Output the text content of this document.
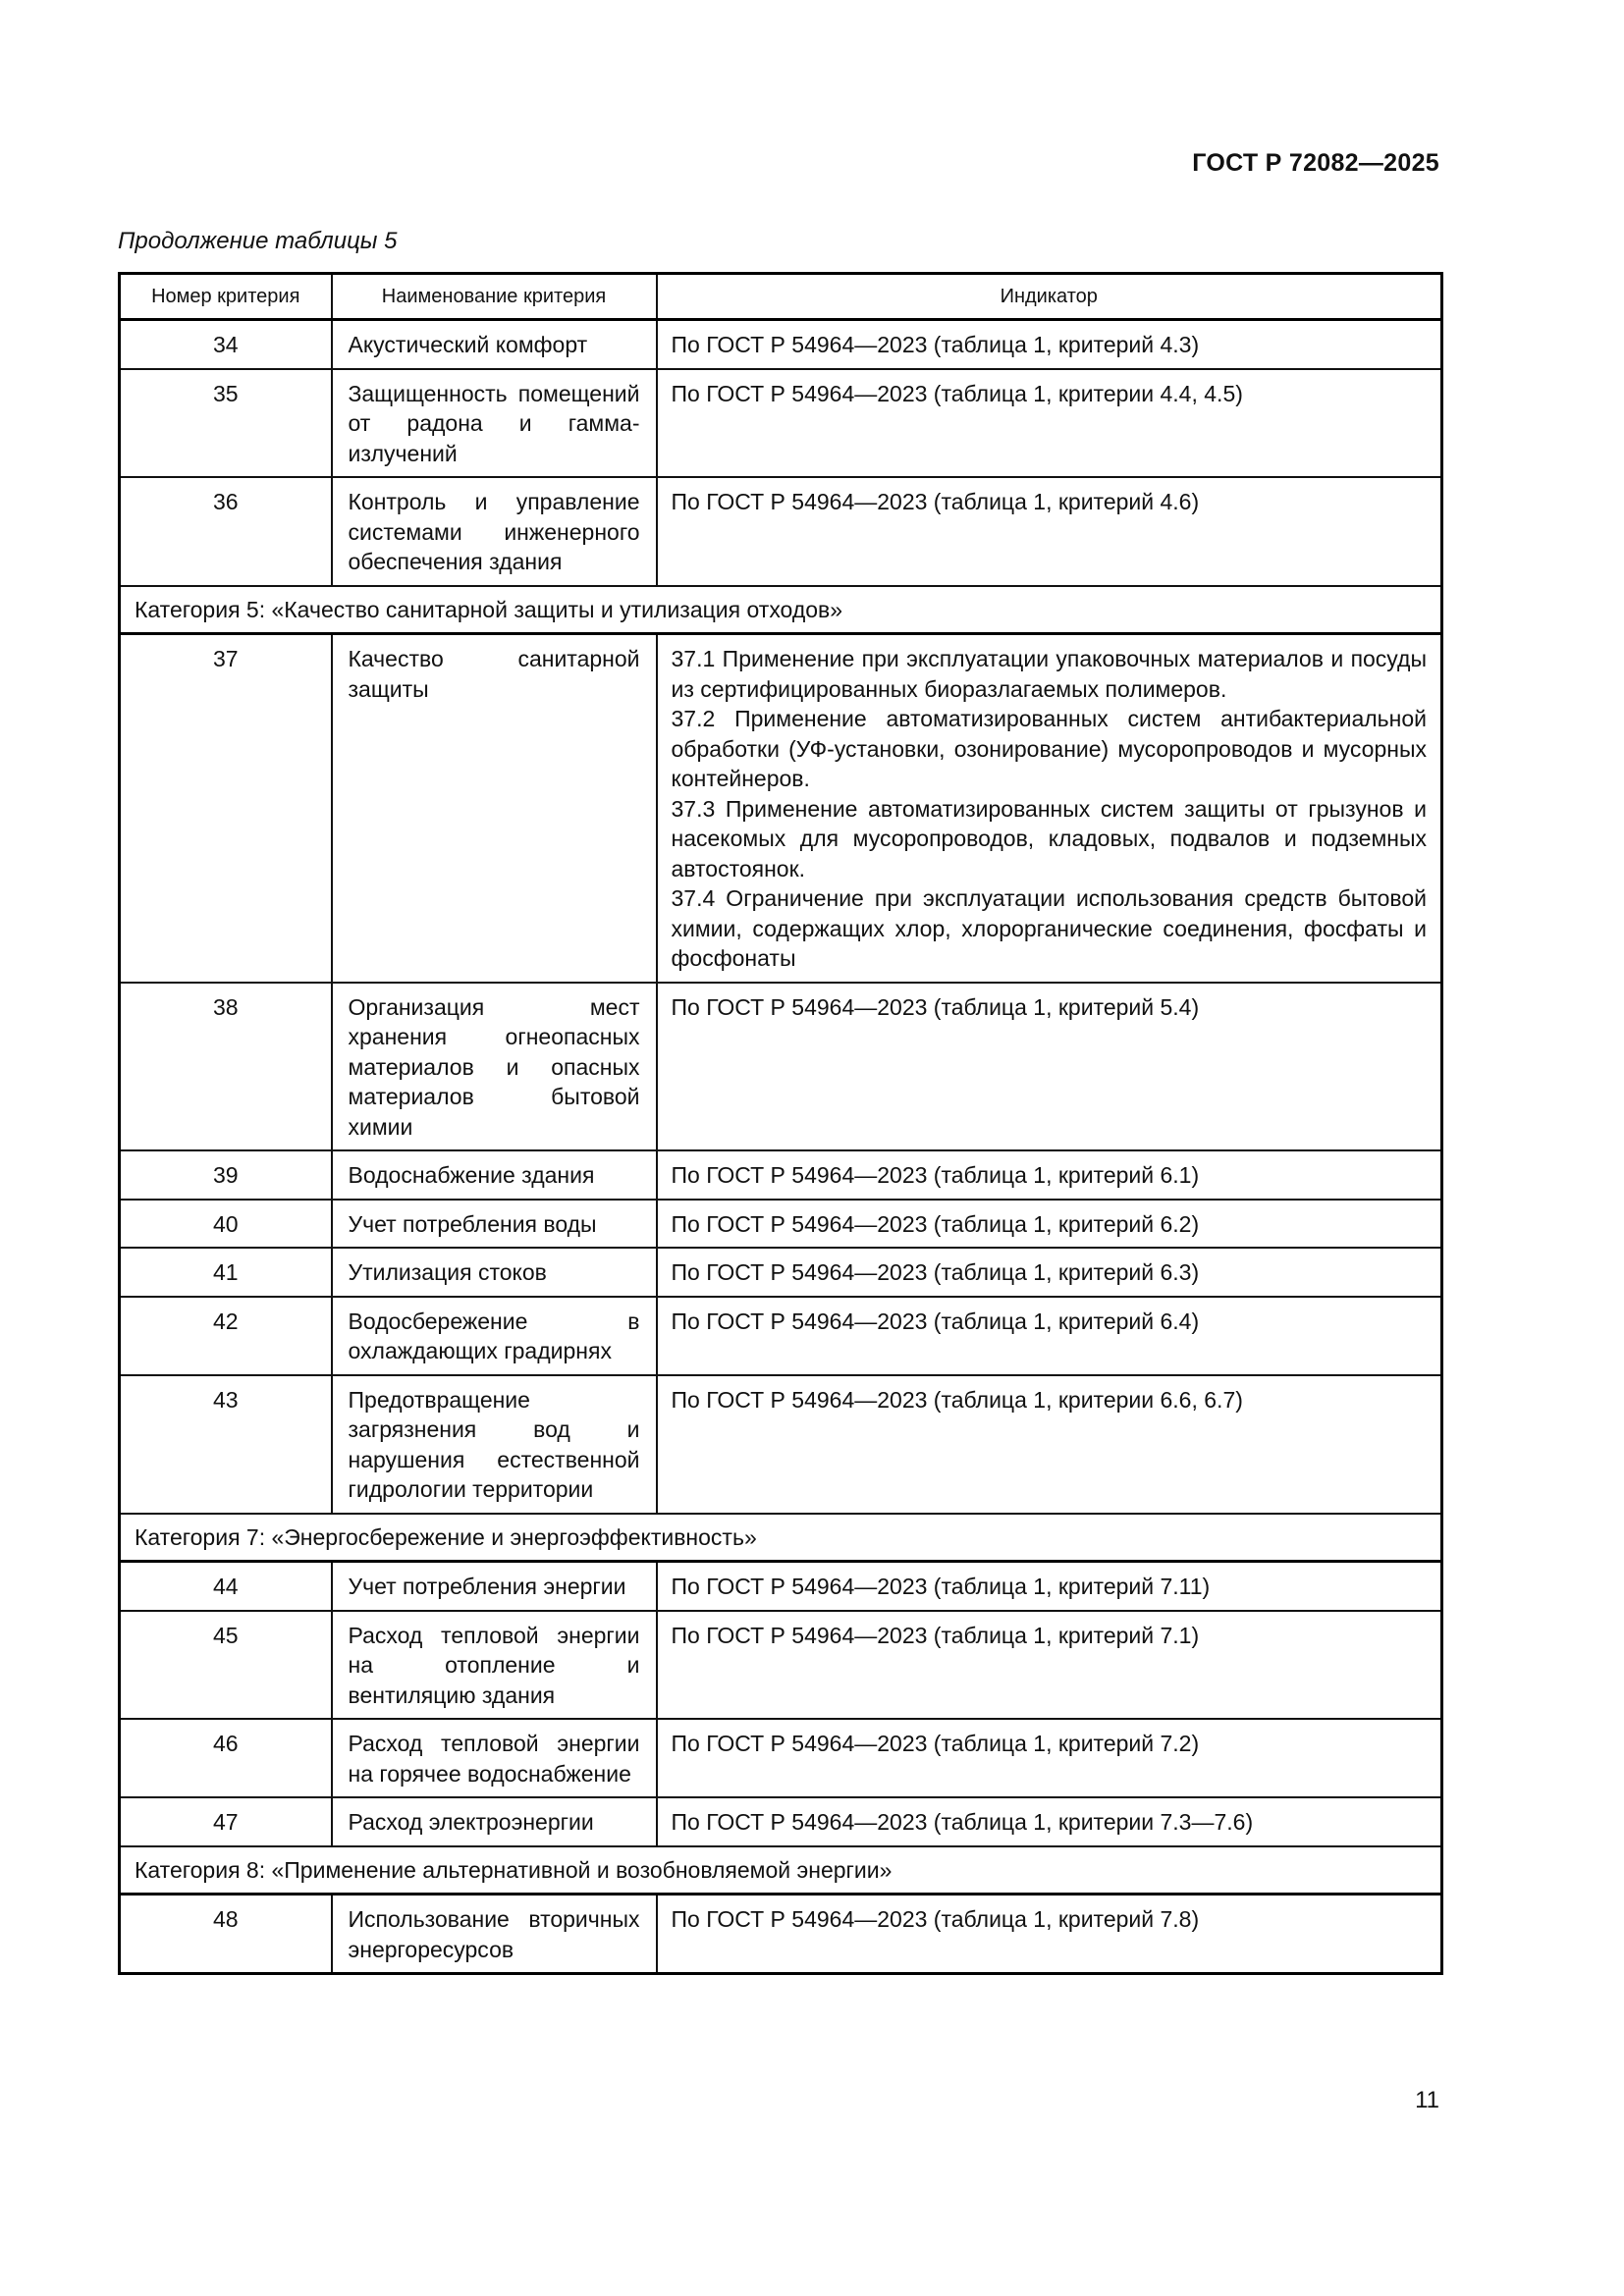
ГОСТ Р 72082—2025
Продолжение таблицы 5
Номер критерия	Наименование критерия	Индикатор
34	Акустический комфорт	По ГОСТ Р 54964—2023 (таблица 1, критерий 4.3)

35	Защищенность помещений от радона и гамма-излучений	По ГОСТ Р 54964—2023 (таблица 1, критерии 4.4, 4.5)

36	Контроль и управление системами инженерного обеспечения здания	По ГОСТ Р 54964—2023 (таблица 1, критерий 4.6)

Категория 5: «Качество санитарной защиты и утилизация отходов»		
37	Качество санитарной защиты	37.1 Применение при эксплуатации упаковочных материалов и посуды из сертифицированных биоразлагаемых полимеров.
37.2 Применение автоматизированных систем антибактериальной обработки (УФ-установки, озонирование) мусоропроводов и мусорных контейнеров.
37.3 Применение автоматизированных систем защиты от грызунов и насекомых для мусоропроводов, кладовых, подвалов и подземных автостоянок.
37.4 Ограничение при эксплуатации использования средств бытовой химии, содержащих хлор, хлорорганические соединения, фосфаты и фосфонаты

38	Организация мест хранения огнеопасных материалов и опасных материалов бытовой химии	По ГОСТ Р 54964—2023 (таблица 1, критерий 5.4)

39	Водоснабжение здания	По ГОСТ Р 54964—2023 (таблица 1, критерий 6.1)

40	Учет потребления воды	По ГОСТ Р 54964—2023 (таблица 1, критерий 6.2)

41	Утилизация стоков	По ГОСТ Р 54964—2023 (таблица 1, критерий 6.3)

42	Водосбережение в охлаждающих градирнях	По ГОСТ Р 54964—2023 (таблица 1, критерий 6.4)

43	Предотвращение загрязнения вод и нарушения естественной гидрологии территории	По ГОСТ Р 54964—2023 (таблица 1, критерии 6.6, 6.7)

Категория 7: «Энергосбережение и энергоэффективность»		
44	Учет потребления энергии	По ГОСТ Р 54964—2023 (таблица 1, критерий 7.11)

45	Расход тепловой энергии на отопление и вентиляцию здания	По ГОСТ Р 54964—2023 (таблица 1, критерий 7.1)

46	Расход тепловой энергии на горячее водоснабжение	По ГОСТ Р 54964—2023 (таблица 1, критерий 7.2)

47	Расход электроэнергии	По ГОСТ Р 54964—2023 (таблица 1, критерии 7.3—7.6)

Категория 8: «Применение альтернативной и возобновляемой энергии»		
48	Использование вторичных энергоресурсов	По ГОСТ Р 54964—2023 (таблица 1, критерий 7.8)
11
